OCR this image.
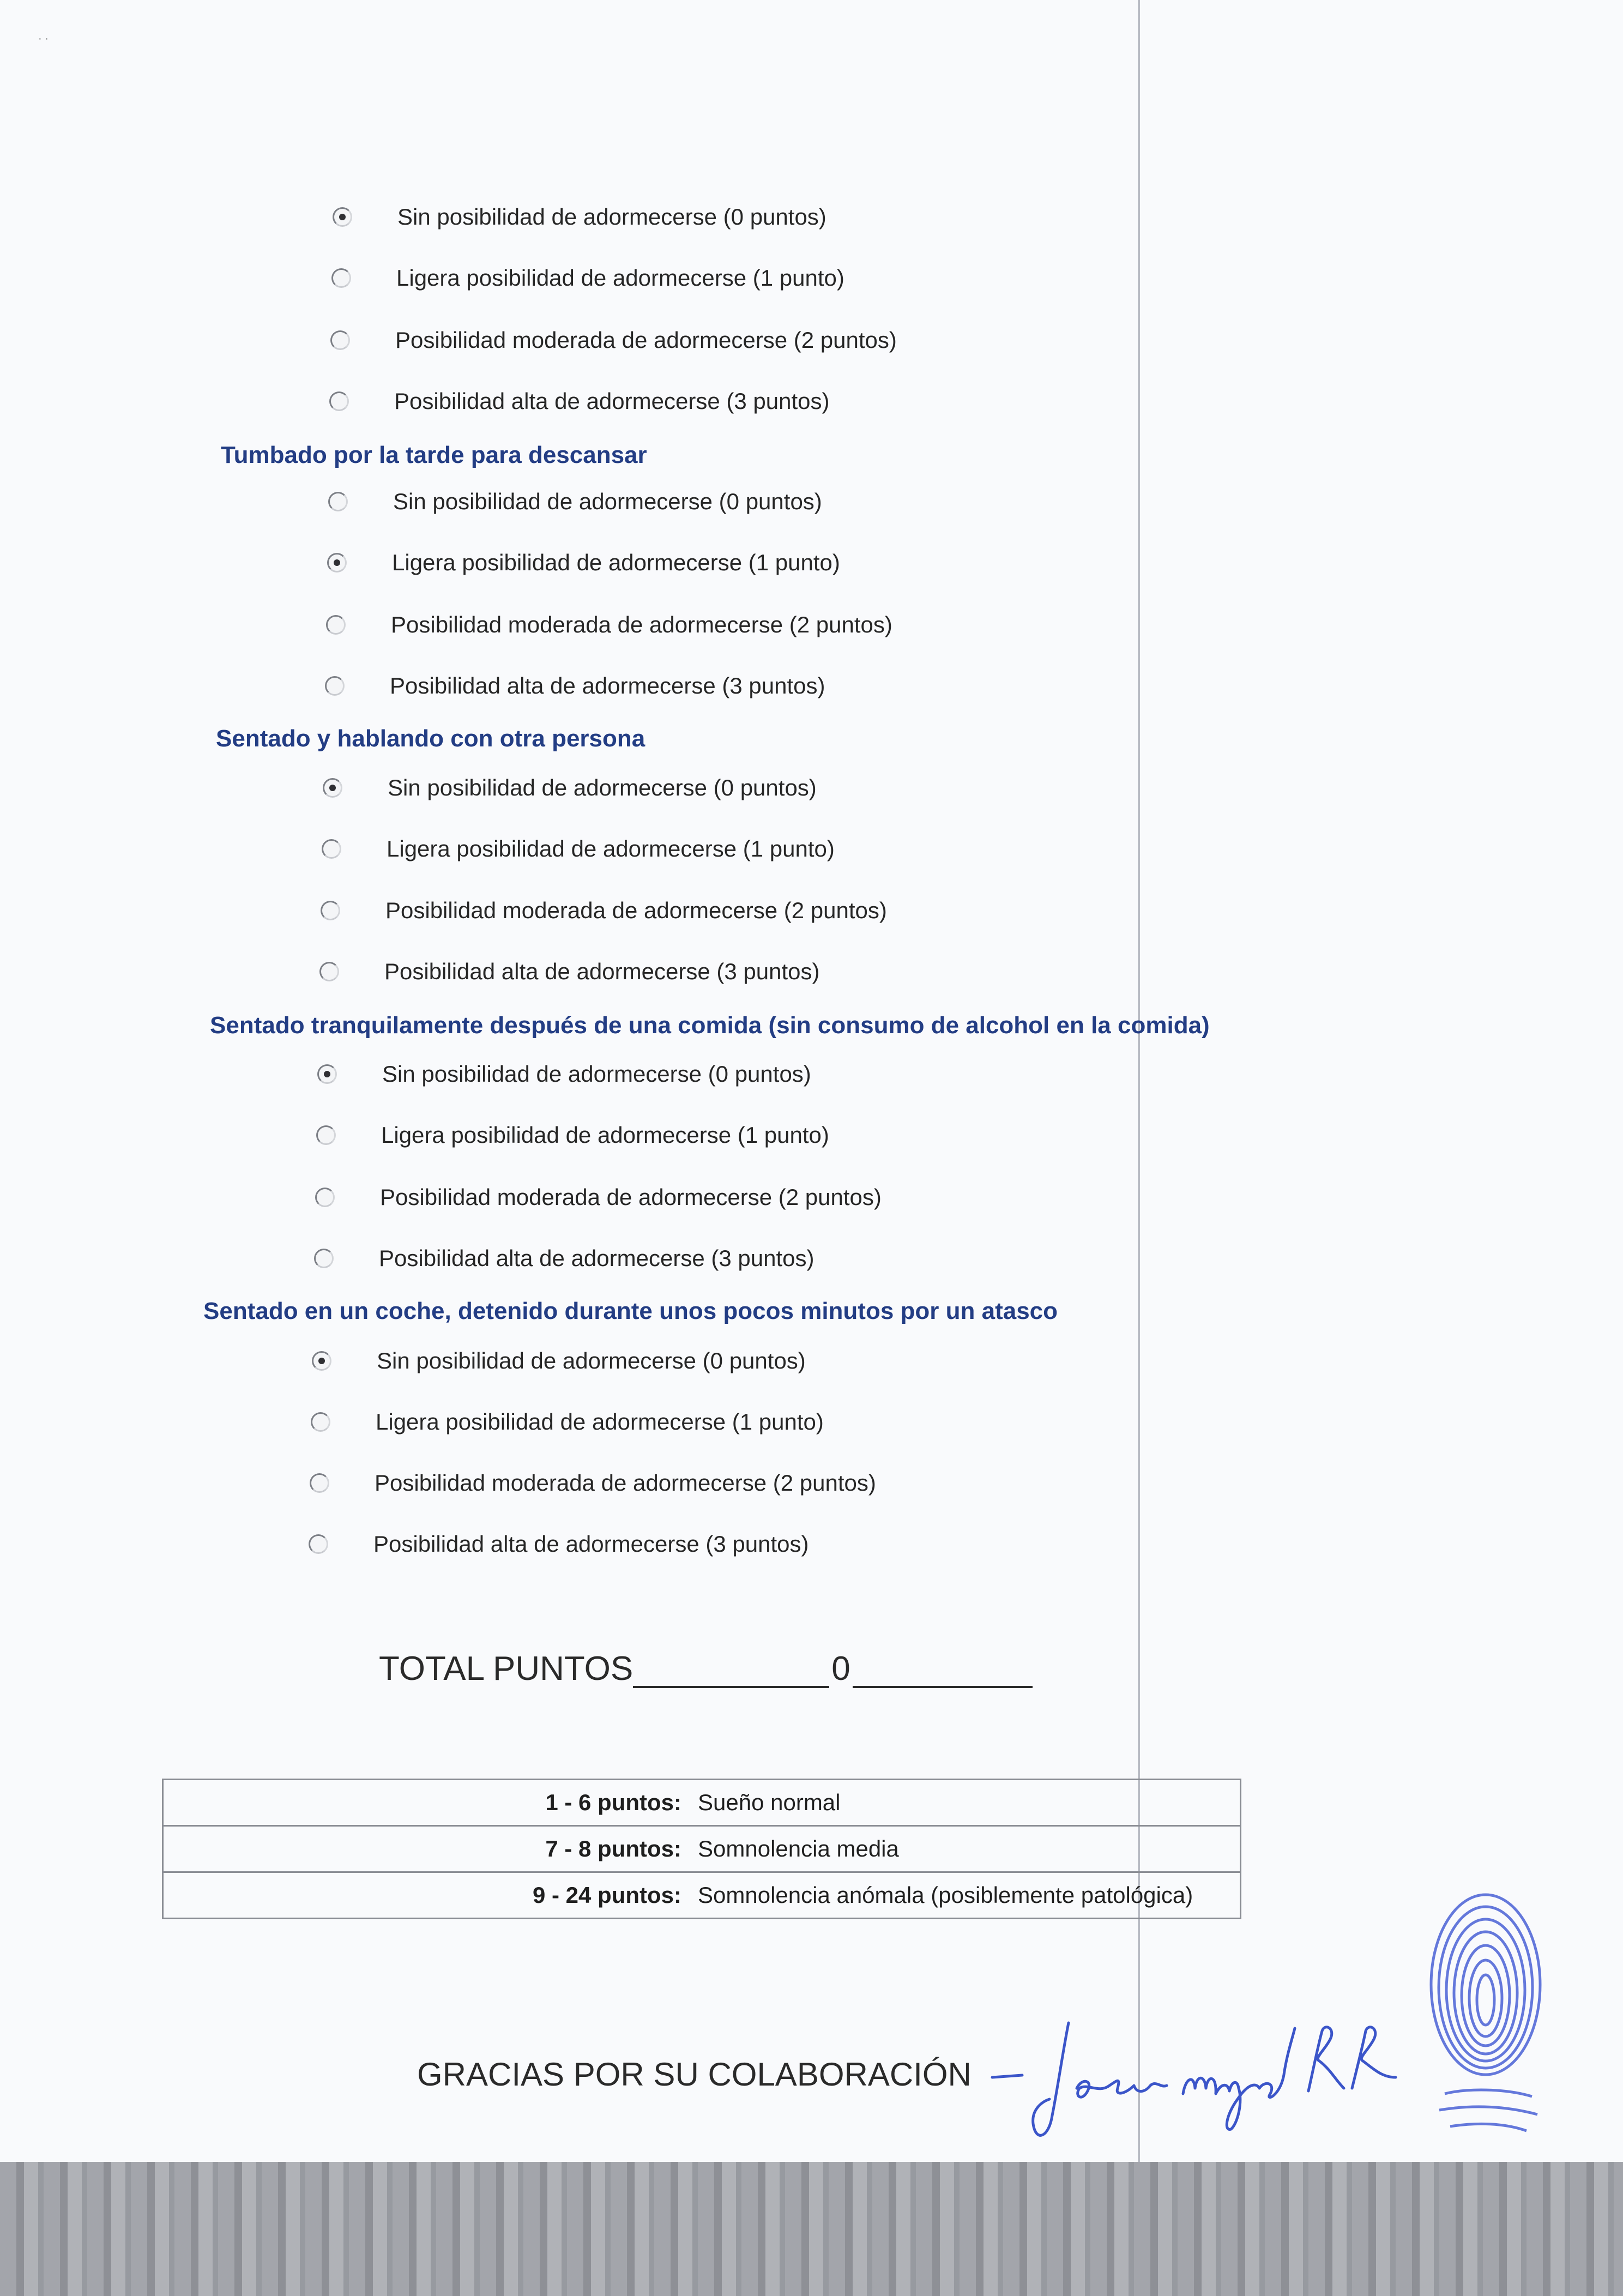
· ·
Sin posibilidad de adormecerse (0 puntos)
Ligera posibilidad de adormecerse (1 punto)
Posibilidad moderada de adormecerse (2 puntos)
Posibilidad alta de adormecerse (3 puntos)
Tumbado por la tarde para descansar
Sin posibilidad de adormecerse (0 puntos)
Ligera posibilidad de adormecerse (1 punto)
Posibilidad moderada de adormecerse (2 puntos)
Posibilidad alta de adormecerse (3 puntos)
Sentado y hablando con otra persona
Sin posibilidad de adormecerse (0 puntos)
Ligera posibilidad de adormecerse (1 punto)
Posibilidad moderada de adormecerse (2 puntos)
Posibilidad alta de adormecerse (3 puntos)
Sentado tranquilamente después de una comida (sin consumo de alcohol en la comida)
Sin posibilidad de adormecerse (0 puntos)
Ligera posibilidad de adormecerse (1 punto)
Posibilidad moderada de adormecerse (2 puntos)
Posibilidad alta de adormecerse (3 puntos)
Sentado en un coche, detenido durante unos pocos minutos por un atasco
Sin posibilidad de adormecerse (0 puntos)
Ligera posibilidad de adormecerse (1 punto)
Posibilidad moderada de adormecerse (2 puntos)
Posibilidad alta de adormecerse (3 puntos)
TOTAL PUNTOS	0
1 - 6 puntos: Sueño normal
7 - 8 puntos: Somnolencia media
9 - 24 puntos: Somnolencia anómala (posiblemente patológica)
GRACIAS POR SU COLABORACIÓN
